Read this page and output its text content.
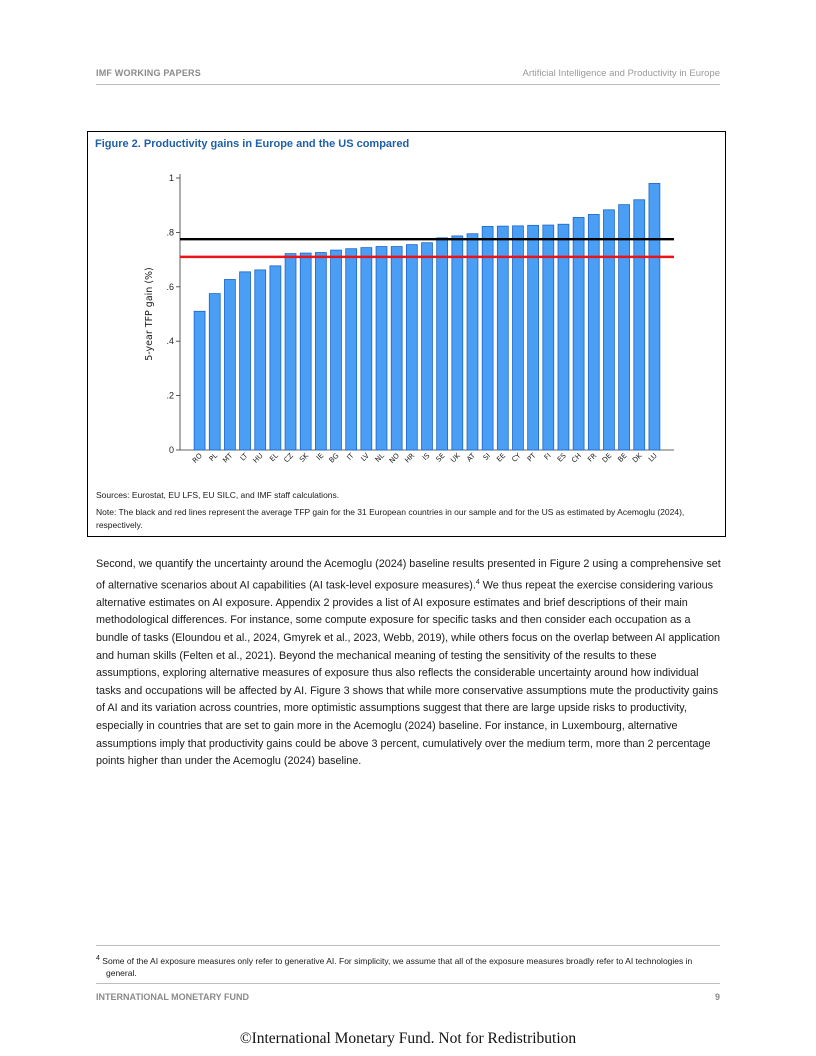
IMF WORKING PAPERS	Artificial Intelligence and Productivity in Europe
Figure 2. Productivity gains in Europe and the US compared
0
.2
.4
.6
.8
1
5-year TFP gain (%)
RO PL MT LT HU EL CZ SK IE BG IT LV NL NO HR IS SE UK AT SI EE CY PT FI ES CH FR DE BE DK LU
Sources: Eurostat, EU LFS, EU SILC, and IMF staff calculations.
Note: The black and red lines represent the average TFP gain for the 31 European countries in our sample and for the US as estimated by Acemoglu (2024), respectively.
Second, we quantify the uncertainty around the Acemoglu (2024) baseline results presented in Figure 2 using a comprehensive set of alternative scenarios about AI capabilities (AI task-level exposure measures).$^4$ We thus repeat the exercise considering various alternative estimates on AI exposure. Appendix 2 provides a list of AI exposure estimates and brief descriptions of their main methodological differences. For instance, some compute exposure for specific tasks and then consider each occupation as a bundle of tasks (Eloundou et al., 2024, Gmyrek et al., 2023, Webb, 2019), while others focus on the overlap between AI application and human skills (Felten et al., 2021). Beyond the mechanical meaning of testing the sensitivity of the results to these assumptions, exploring alternative measures of exposure thus also reflects the considerable uncertainty around how individual tasks and occupations will be affected by AI. Figure 3 shows that while more conservative assumptions mute the productivity gains of AI and its variation across countries, more optimistic assumptions suggest that there are large upside risks to productivity, especially in countries that are set to gain more in the Acemoglu (2024) baseline. For instance, in Luxembourg, alternative assumptions imply that productivity gains could be above 3 percent, cumulatively over the medium term, more than 2 percentage points higher than under the Acemoglu (2024) baseline.
$^4$ Some of the AI exposure measures only refer to generative AI. For simplicity, we assume that all of the exposure measures broadly refer to AI technologies in general.
INTERNATIONAL MONETARY FUND	9
©International Monetary Fund. Not for Redistribution
